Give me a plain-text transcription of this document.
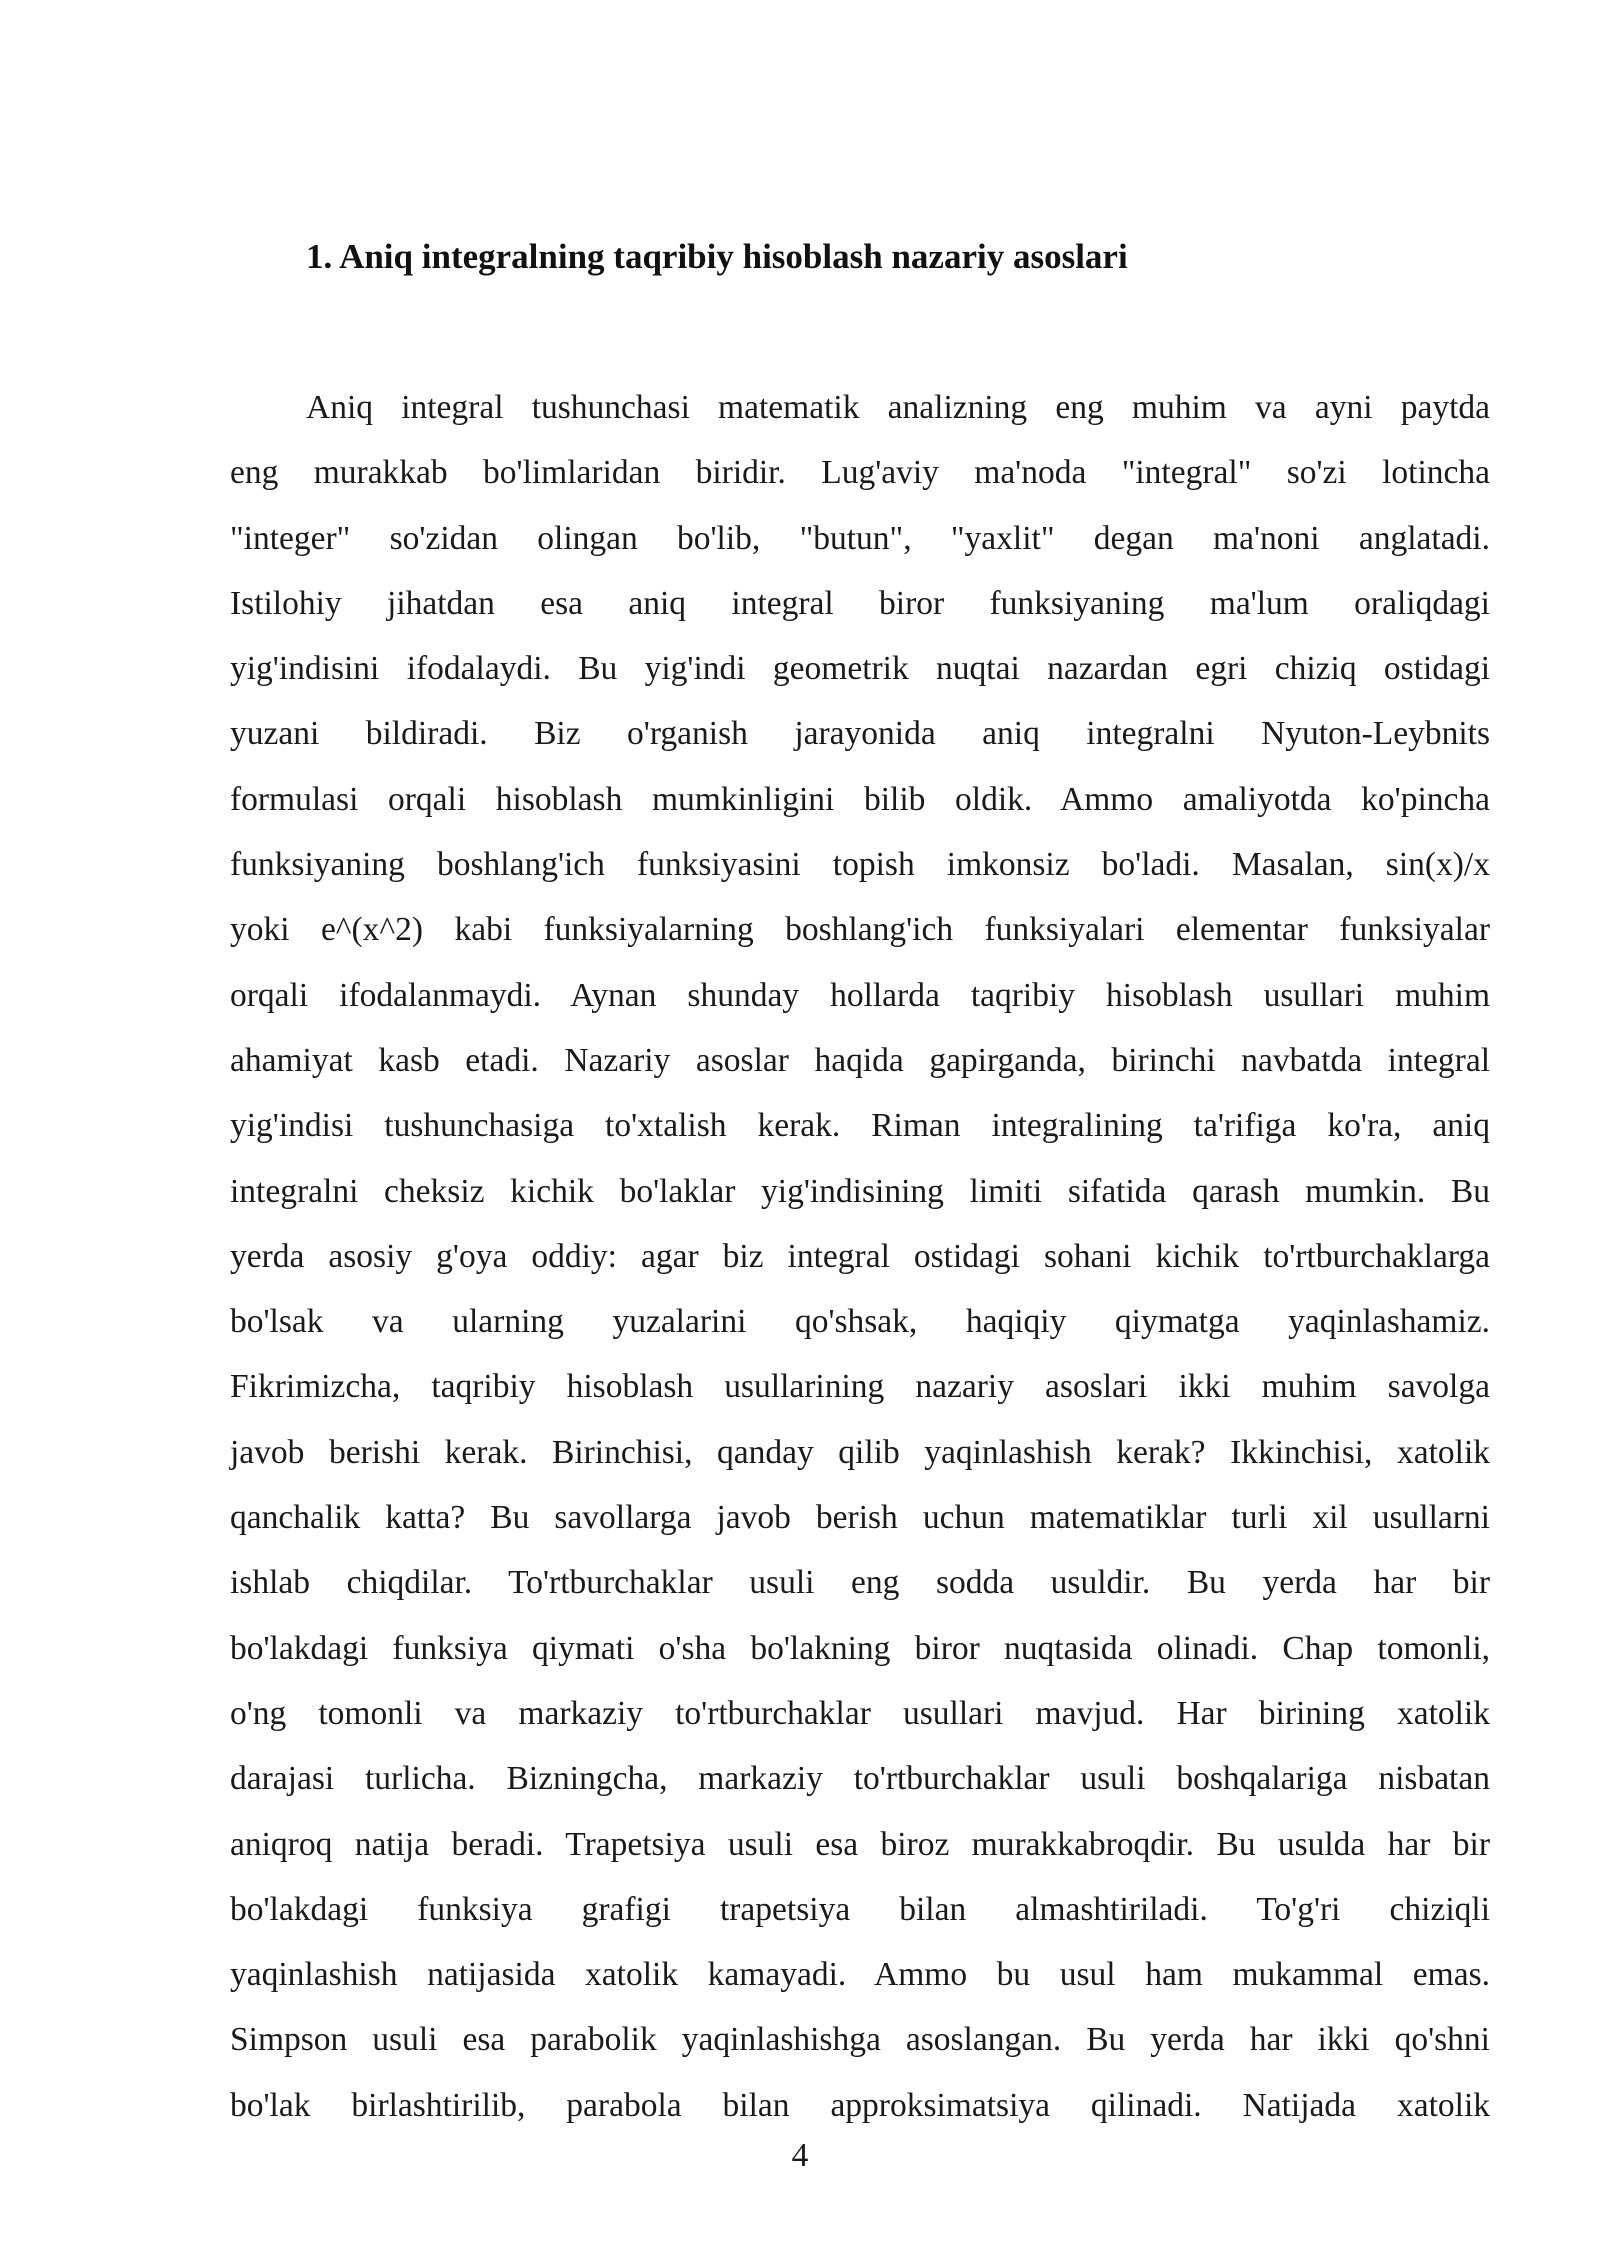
1. Aniq integralning taqribiy hisoblash nazariy asoslari
Aniq integral tushunchasi matematik analizning eng muhim va ayni paytda
eng murakkab bo'limlaridan biridir. Lug'aviy ma'noda "integral" so'zi lotincha
"integer" so'zidan olingan bo'lib, "butun", "yaxlit" degan ma'noni anglatadi.
Istilohiy jihatdan esa aniq integral biror funksiyaning ma'lum oraliqdagi
yig'indisini ifodalaydi. Bu yig'indi geometrik nuqtai nazardan egri chiziq ostidagi
yuzani bildiradi. Biz o'rganish jarayonida aniq integralni Nyuton-Leybnits
formulasi orqali hisoblash mumkinligini bilib oldik. Ammo amaliyotda ko'pincha
funksiyaning boshlang'ich funksiyasini topish imkonsiz bo'ladi. Masalan, sin(x)/x
yoki e^(x^2) kabi funksiyalarning boshlang'ich funksiyalari elementar funksiyalar
orqali ifodalanmaydi. Aynan shunday hollarda taqribiy hisoblash usullari muhim
ahamiyat kasb etadi. Nazariy asoslar haqida gapirganda, birinchi navbatda integral
yig'indisi tushunchasiga to'xtalish kerak. Riman integralining ta'rifiga ko'ra, aniq
integralni cheksiz kichik bo'laklar yig'indisining limiti sifatida qarash mumkin. Bu
yerda asosiy g'oya oddiy: agar biz integral ostidagi sohani kichik to'rtburchaklarga
bo'lsak va ularning yuzalarini qo'shsak, haqiqiy qiymatga yaqinlashamiz.
Fikrimizcha, taqribiy hisoblash usullarining nazariy asoslari ikki muhim savolga
javob berishi kerak. Birinchisi, qanday qilib yaqinlashish kerak? Ikkinchisi, xatolik
qanchalik katta? Bu savollarga javob berish uchun matematiklar turli xil usullarni
ishlab chiqdilar. To'rtburchaklar usuli eng sodda usuldir. Bu yerda har bir
bo'lakdagi funksiya qiymati o'sha bo'lakning biror nuqtasida olinadi. Chap tomonli,
o'ng tomonli va markaziy to'rtburchaklar usullari mavjud. Har birining xatolik
darajasi turlicha. Bizningcha, markaziy to'rtburchaklar usuli boshqalariga nisbatan
aniqroq natija beradi. Trapetsiya usuli esa biroz murakkabroqdir. Bu usulda har bir
bo'lakdagi funksiya grafigi trapetsiya bilan almashtiriladi. To'g'ri chiziqli
yaqinlashish natijasida xatolik kamayadi. Ammo bu usul ham mukammal emas.
Simpson usuli esa parabolik yaqinlashishga asoslangan. Bu yerda har ikki qo'shni
bo'lak birlashtirilib, parabola bilan approksimatsiya qilinadi. Natijada xatolik
4
